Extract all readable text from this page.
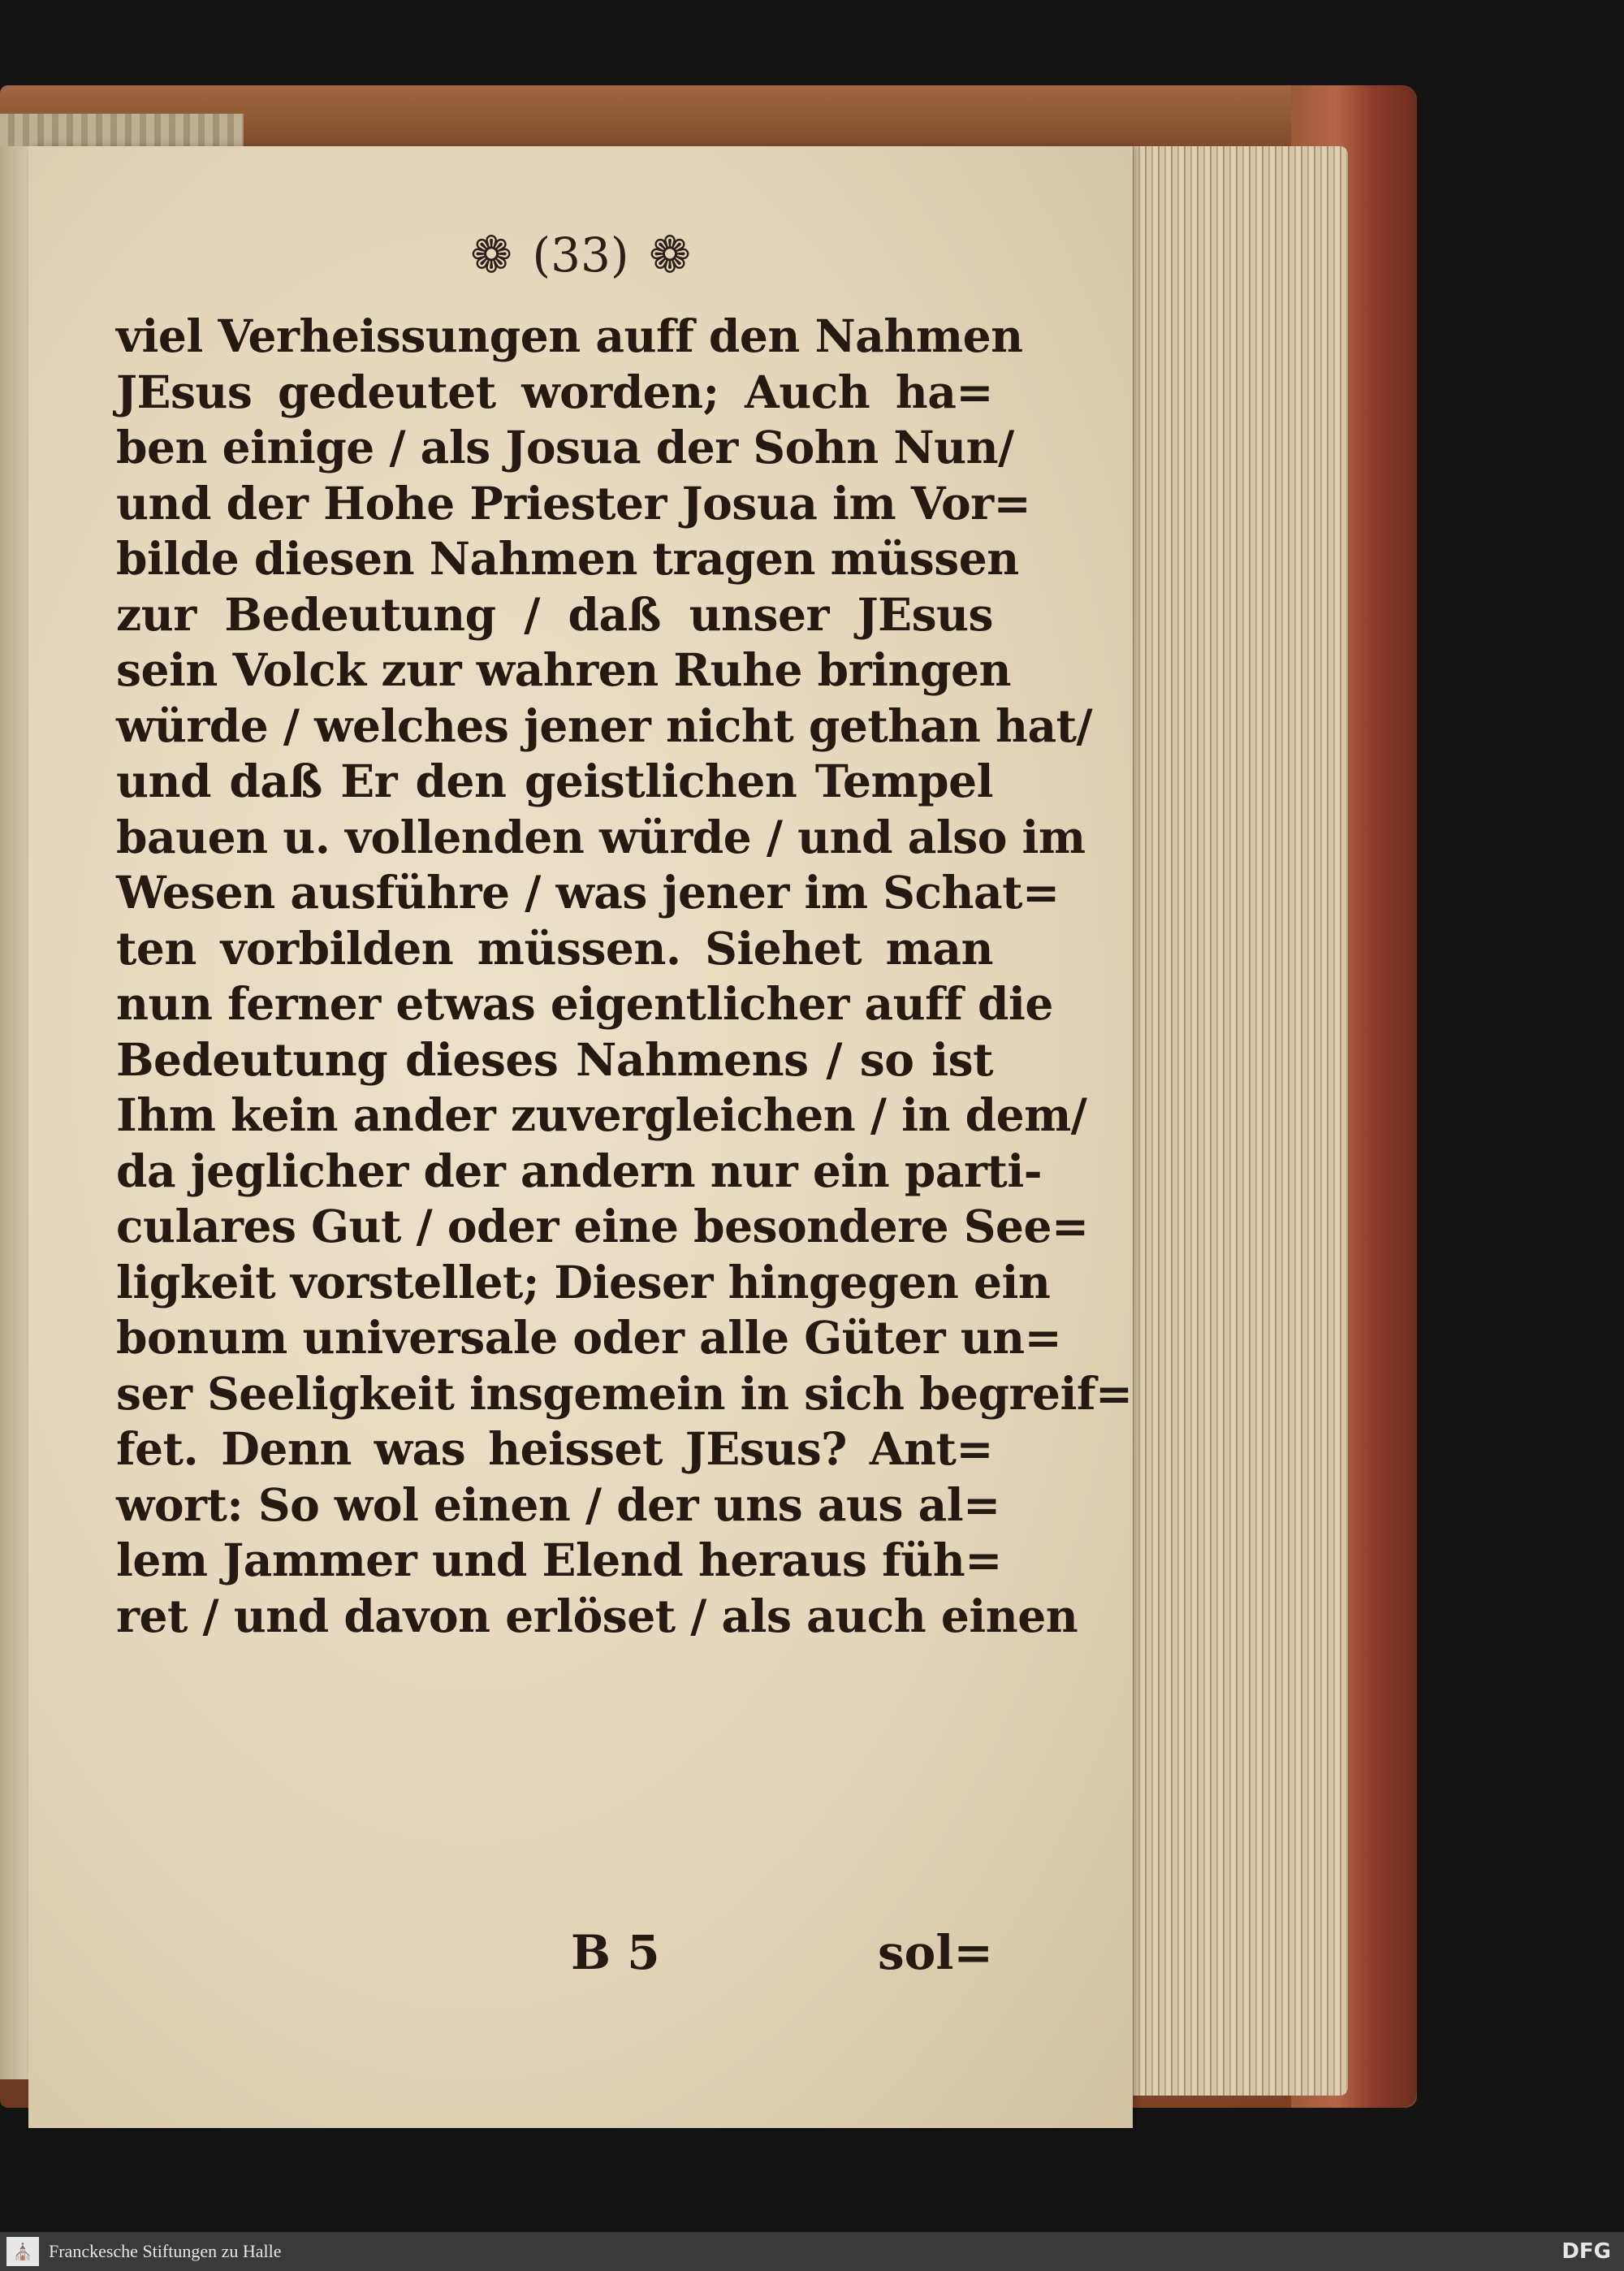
❁ (33) ❁
viel Verheissungen auff den Nahmen
JEsus gedeutet worden; Auch ha=
ben einige / als Josua der Sohn Nun/
und der Hohe Priester Josua im Vor=
bilde diesen Nahmen tragen müssen
zur Bedeutung / daß unser JEsus
sein Volck zur wahren Ruhe bringen
würde / welches jener nicht gethan hat/
und daß Er den geistlichen Tempel
bauen u. vollenden würde / und also im
Wesen ausführe / was jener im Schat=
ten vorbilden müssen. Siehet man
nun ferner etwas eigentlicher auff die
Bedeutung dieses Nahmens / so ist
Ihm kein ander zuvergleichen / in dem/
da jeglicher der andern nur ein parti-
culares Gut / oder eine besondere See=
ligkeit vorstellet; Dieser hingegen ein
bonum universale oder alle Güter un=
ser Seeligkeit insgemein in sich begreif=
fet. Denn was heisset JEsus? Ant=
wort: So wol einen / der uns aus al=
lem Jammer und Elend heraus füh=
ret / und davon erlöset / als auch einen
B 5	sol=
⛪ Franckesche Stiftungen zu Halle	DFG
